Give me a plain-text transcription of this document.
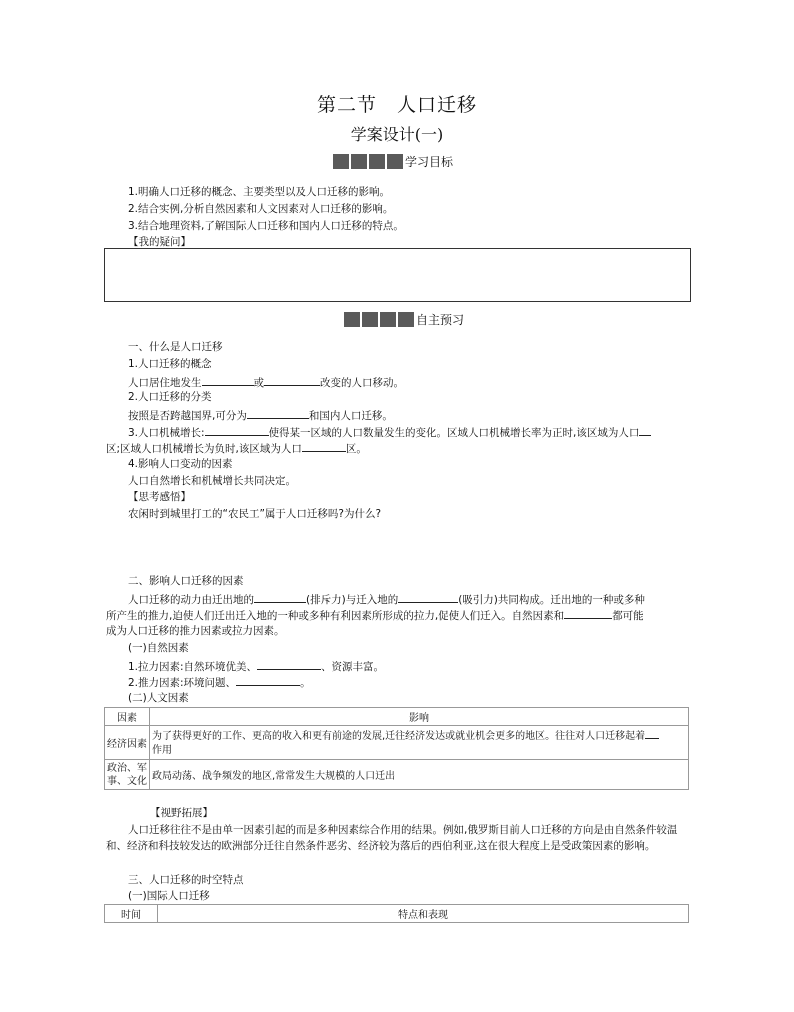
第二节　人口迁移
学案设计(一)
学习目标
1.明确人口迁移的概念、主要类型以及人口迁移的影响。
2.结合实例,分析自然因素和人文因素对人口迁移的影响。
3.结合地理资料,了解国际人口迁移和国内人口迁移的特点。
【我的疑问】
自主预习
一、什么是人口迁移
1.人口迁移的概念
人口居住地发生	或	改变的人口移动。
2.人口迁移的分类
按照是否跨越国界,可分为	和国内人口迁移。
3.人口机械增长:	使得某一区域的人口数量发生的变化。区域人口机械增长率为正时,该区域为人口
区;区域人口机械增长为负时,该区域为人口	区。
4.影响人口变动的因素
人口自然增长和机械增长共同决定。
【思考感悟】
农闲时到城里打工的“农民工”属于人口迁移吗?为什么?
二、影响人口迁移的因素
人口迁移的动力由迁出地的	(排斥力)与迁入地的	(吸引力)共同构成。迁出地的一种或多种
所产生的推力,迫使人们迁出迁入地的一种或多种有利因素所形成的拉力,促使人们迁入。自然因素和	都可能
成为人口迁移的推力因素或拉力因素。
(一)自然因素
1.拉力因素:自然环境优美、	、资源丰富。
2.推力因素:环境问题、	。
(二)人文因素
因素	影响
经济因素	为了获得更好的工作、更高的收入和更有前途的发展,迁往经济发达或就业机会更多的地区。往往对人口迁移起着
作用
政治、军事、文化	政局动荡、战争频发的地区,常常发生大规模的人口迁出
【视野拓展】
人口迁移往往不是由单一因素引起的而是多种因素综合作用的结果。例如,俄罗斯目前人口迁移的方向是由自然条件较温和、经济和科技较发达的欧洲部分迁往自然条件恶劣、经济较为落后的西伯利亚,这在很大程度上是受政策因素的影响。
三、人口迁移的时空特点
(一)国际人口迁移
时间	特点和表现
